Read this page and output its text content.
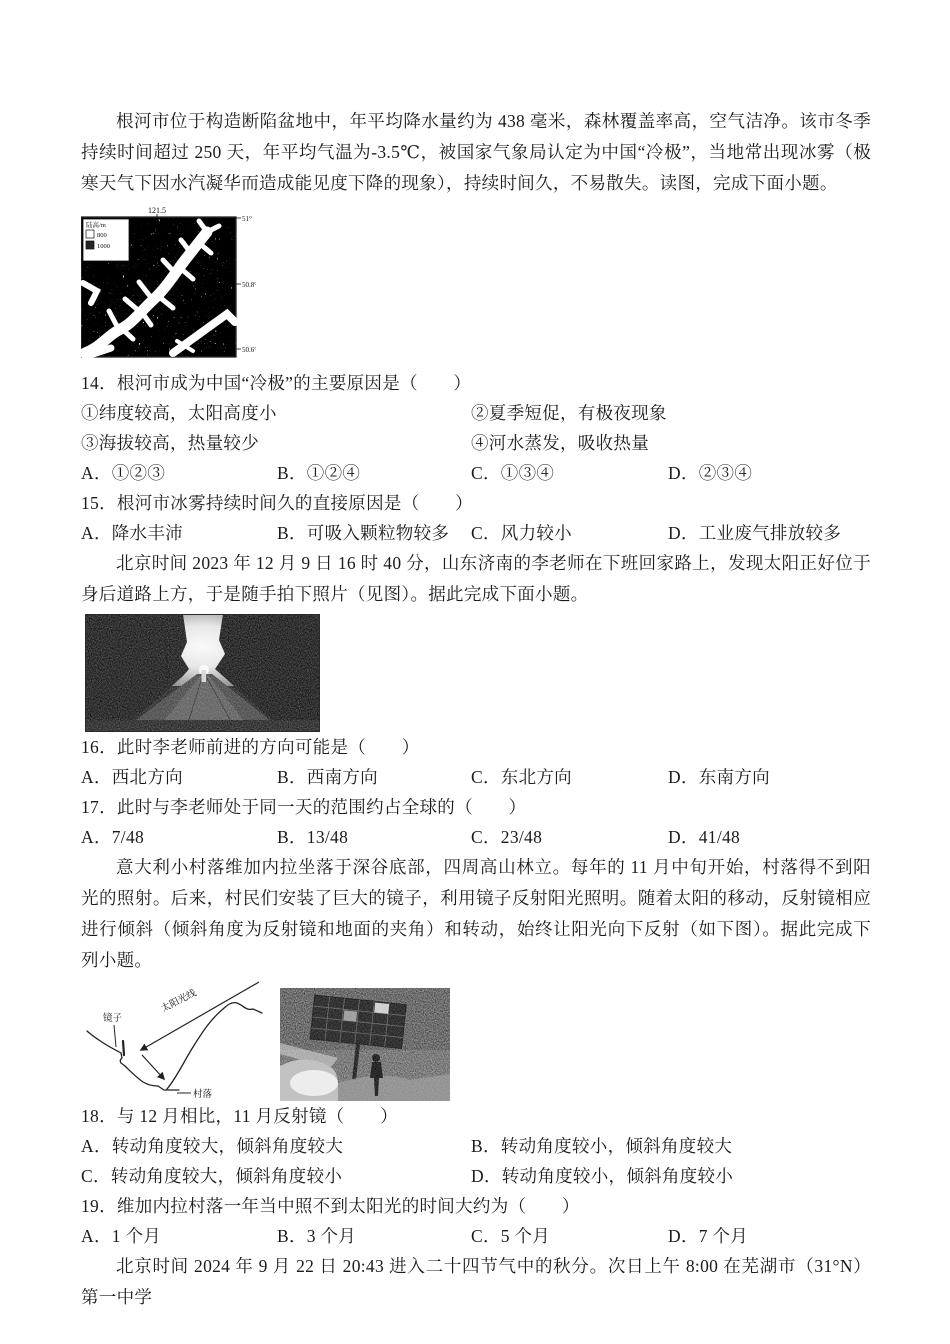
根河市位于构造断陷盆地中，年平均降水量约为 438 毫米，森林覆盖率高，空气洁净。该市冬季持续时间超过 250 天，年平均气温为-3.5℃，被国家气象局认定为中国“冷极”，当地常出现冰雾（极寒天气下因水汽凝华而造成能见度下降的现象），持续时间久，不易散失。读图，完成下面小题。

121.5
根河市
河
陆高/m
800
1000
51°
50.8°
50.6°
14．根河市成为中国“冷极”的主要原因是（　　）
①纬度较高，太阳高度小	②夏季短促，有极夜现象
③海拔较高，热量较少	④河水蒸发，吸收热量
A．①②③	B．①②④	C．①③④	D．②③④
15．根河市冰雾持续时间久的直接原因是（　　）
A．降水丰沛	B．可吸入颗粒物较多	C．风力较小	D．工业废气排放较多

北京时间 2023 年 12 月 9 日 16 时 40 分，山东济南的李老师在下班回家路上，发现太阳正好位于身后道路上方，于是随手拍下照片（见图）。据此完成下面小题。

16．此时李老师前进的方向可能是（　　）
A．西北方向	B．西南方向	C．东北方向	D．东南方向
17．此时与李老师处于同一天的范围约占全球的（　　）
A．7/48	B．13/48	C．23/48	D．41/48

意大利小村落维加内拉坐落于深谷底部，四周高山林立。每年的 11 月中旬开始，村落得不到阳光的照射。后来，村民们安装了巨大的镜子，利用镜子反射阳光照明。随着太阳的移动，反射镜相应进行倾斜（倾斜角度为反射镜和地面的夹角）和转动，始终让阳光向下反射（如下图）。据此完成下列小题。

镜子
太阳光线
村落
18．与 12 月相比，11 月反射镜（　　）
A．转动角度较大，倾斜角度较大	B．转动角度较小，倾斜角度较大
C．转动角度较大，倾斜角度较小	D．转动角度较小，倾斜角度较小
19．维加内拉村落一年当中照不到太阳光的时间大约为（　　）
A．1 个月	B．3 个月	C．5 个月	D．7 个月

北京时间 2024 年 9 月 22 日 20:43 进入二十四节气中的秋分。次日上午 8:00 在芜湖市（31°N）第一中学
